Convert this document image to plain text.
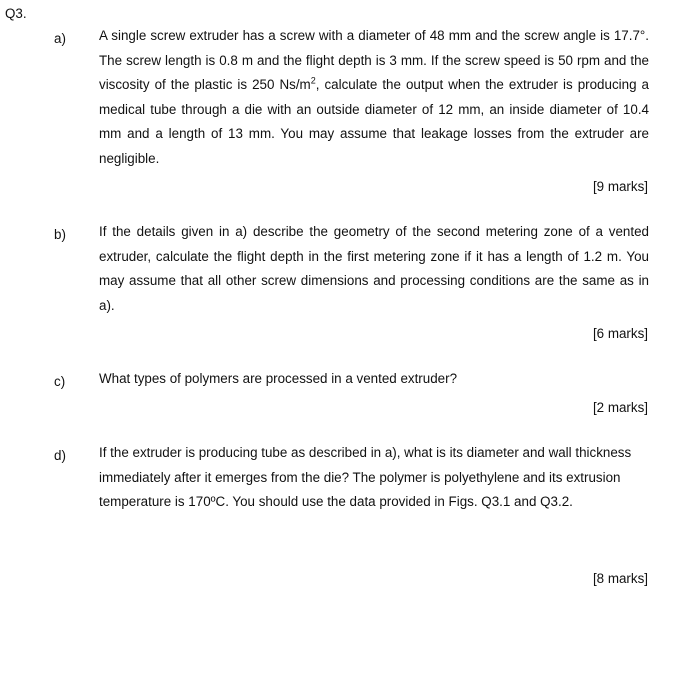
Q3.
a) A single screw extruder has a screw with a diameter of 48 mm and the screw angle is 17.7°. The screw length is 0.8 m and the flight depth is 3 mm. If the screw speed is 50 rpm and the viscosity of the plastic is 250 $Ns/m^2$, calculate the output when the extruder is producing a medical tube through a die with an outside diameter of 12 mm, an inside diameter of 10.4 mm and a length of 13 mm. You may assume that leakage losses from the extruder are negligible.
[9 marks]
b) If the details given in a) describe the geometry of the second metering zone of a vented extruder, calculate the flight depth in the first metering zone if it has a length of 1.2 m. You may assume that all other screw dimensions and processing conditions are the same as in a).
[6 marks]
c)	What types of polymers are processed in a vented extruder?
[2 marks]
d) If the extruder is producing tube as described in a), what is its diameter and wall thickness immediately after it emerges from the die? The polymer is polyethylene and its extrusion temperature is 170ºC. You should use the data provided in Figs. Q3.1 and Q3.2.
[8 marks]
